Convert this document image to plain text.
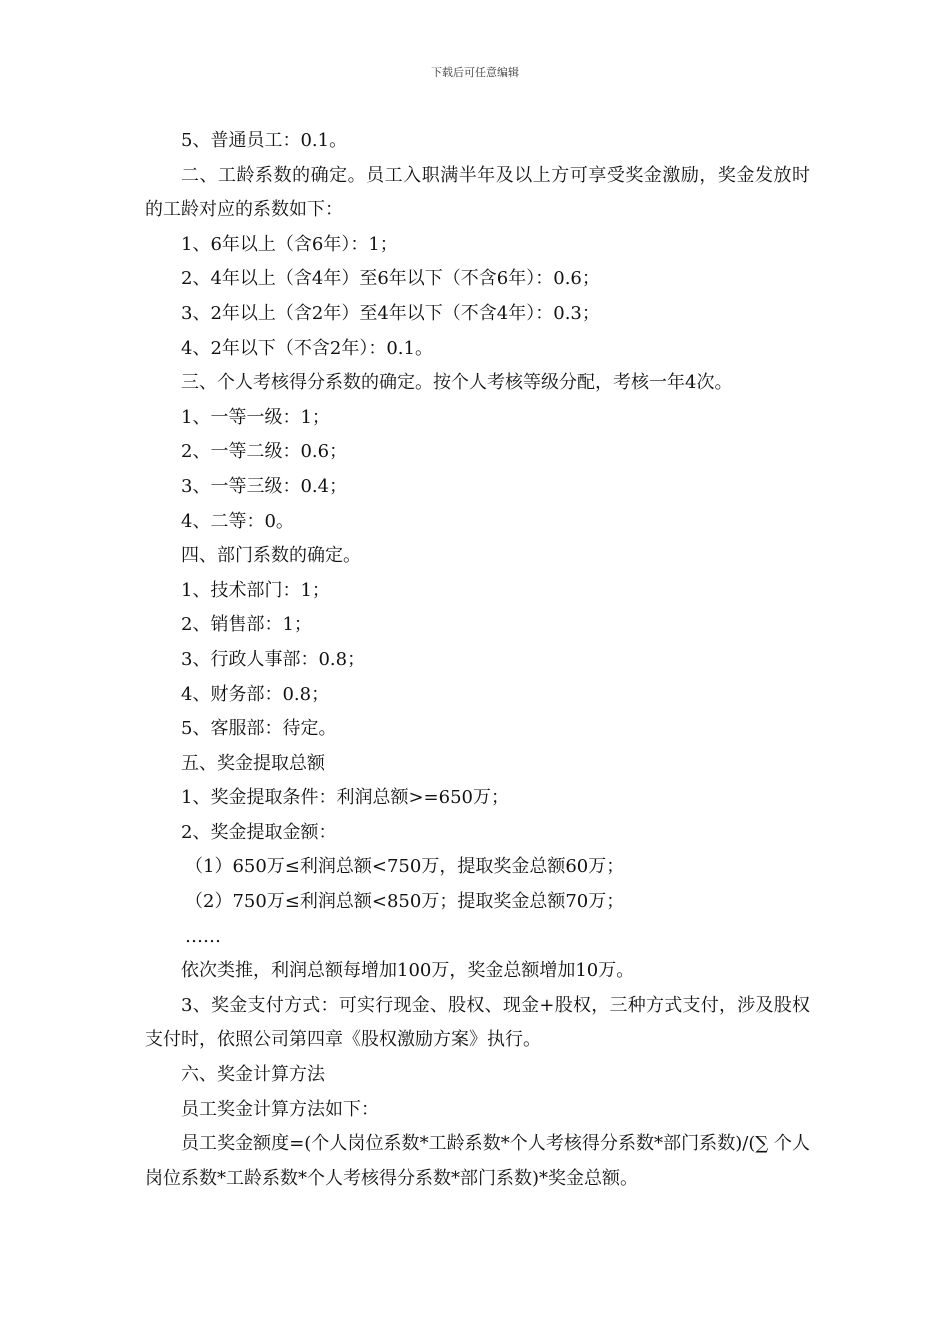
下载后可任意编辑

5、普通员工：0.1。

二、工龄系数的确定。员工入职满半年及以上方可享受奖金激励，奖金发放时的工龄对应的系数如下：

1、6年以上（含6年）：1；

2、4年以上（含4年）至6年以下（不含6年）：0.6；

3、2年以上（含2年）至4年以下（不含4年）：0.3；

4、2年以下（不含2年）：0.1。

三、个人考核得分系数的确定。按个人考核等级分配，考核一年4次。

1、一等一级：1；

2、一等二级：0.6；

3、一等三级：0.4；

4、二等：0。

四、部门系数的确定。

1、技术部门：1；

2、销售部：1；

3、行政人事部：0.8；

4、财务部：0.8；

5、客服部：待定。

五、奖金提取总额

1、奖金提取条件：利润总额>=650万；

2、奖金提取金额：

（1）650万≤利润总额<750万，提取奖金总额60万；

（2）750万≤利润总额<850万；提取奖金总额70万；

……

依次类推，利润总额每增加100万，奖金总额增加10万。

3、奖金支付方式：可实行现金、股权、现金+股权，三种方式支付，涉及股权支付时，依照公司第四章《股权激励方案》执行。

六、奖金计算方法

员工奖金计算方法如下：

员工奖金额度=(个人岗位系数*工龄系数*个人考核得分系数*部门系数)/(∑ 个人岗位系数*工龄系数*个人考核得分系数*部门系数)*奖金总额。
